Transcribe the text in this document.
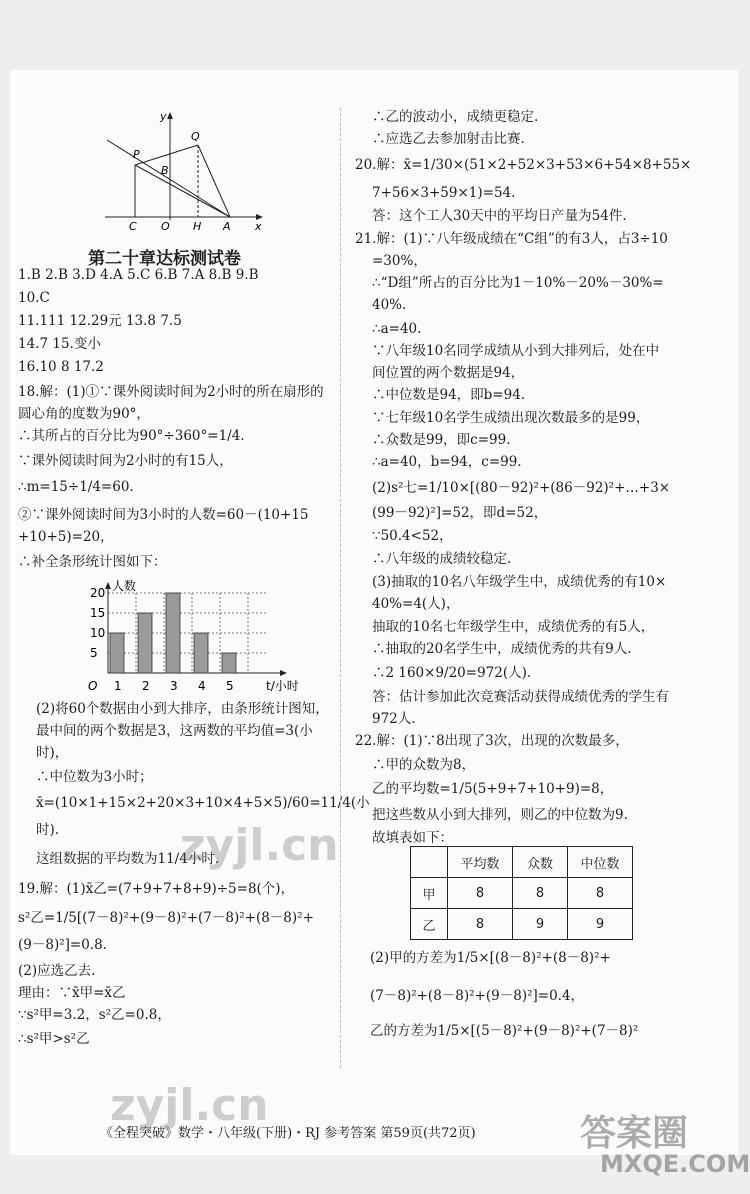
y
x
P
Q
B
C O H A
第二十章达标测试卷
1.B 2.B 3.D 4.A 5.C 6.B 7.A 8.B 9.B
10.C
11.111 12.29元 13.8 7.5
14.7 15.变小
16.10 8 17.2
18.解：(1)①∵课外阅读时间为2小时的所在扇形的
圆心角的度数为90°，
∴其所占的百分比为90°÷360°=1/4.
∵课外阅读时间为2小时的有15人，
∴m=15÷1/4=60.
②∵课外阅读时间为3小时的人数=60－(10+15
+10+5)=20，
∴补全条形统计图如下：
1 2 3 4 5
20
15
10
5
O
人数
t/小时
(2)将60个数据由小到大排序，由条形统计图知，
最中间的两个数据是3，这两数的平均值=3(小
时)，
∴中位数为3小时；
x̄=(10×1+15×2+20×3+10×4+5×5)/60=11/4(小
时).
这组数据的平均数为11/4小时.
19.解：(1)x̄乙=(7+9+7+8+9)÷5=8(个)，
s²乙=1/5[(7－8)²+(9－8)²+(7－8)²+(8－8)²+
(9－8)²]=0.8.
(2)应选乙去.
理由：∵x̄甲=x̄乙
∵s²甲=3.2，s²乙=0.8，
∴s²甲>s²乙
∴乙的波动小，成绩更稳定.
∴应选乙去参加射击比赛.
20.解：x̄=1/30×(51×2+52×3+53×6+54×8+55×
7+56×3+59×1)=54.
答：这个工人30天中的平均日产量为54件.
21.解：(1)∵八年级成绩在“C组”的有3人，占3÷10
=30%，
∴“D组”所占的百分比为1－10%－20%－30%=
40%.
∴a=40.
∵八年级10名同学成绩从小到大排列后，处在中
间位置的两个数据是94，
∴中位数是94，即b=94.
∵七年级10名学生成绩出现次数最多的是99，
∴众数是99，即c=99.
∴a=40，b=94，c=99.
(2)s²七=1/10×[(80－92)²+(86－92)²+…+3×
(99－92)²]=52，即d=52，
∵50.4<52，
∴八年级的成绩较稳定.
(3)抽取的10名八年级学生中，成绩优秀的有10×
40%=4(人)，
抽取的10名七年级学生中，成绩优秀的有5人，
∴抽取的20名学生中，成绩优秀的共有9人.
∴2 160×9/20=972(人).
答：估计参加此次竞赛活动获得成绩优秀的学生有
972人.
22.解：(1)∵8出现了3次，出现的次数最多，
∴甲的众数为8，
乙的平均数=1/5(5+9+7+10+9)=8，
把这些数从小到大排列，则乙的中位数为9.
故填表如下：
	平均数	众数	中位数
甲	8	8	8
乙	8	9	9
(2)甲的方差为1/5×[(8－8)²+(8－8)²+
(7－8)²+(8－8)²+(9－8)²]=0.4，
乙的方差为1/5×[(5－8)²+(9－8)²+(7－8)²
《全程突破》数学・八年级(下册)・RJ 参考答案 第59页(共72页)
zyjl.cn
zyjl.cn
答案圈
MXQE.COM
